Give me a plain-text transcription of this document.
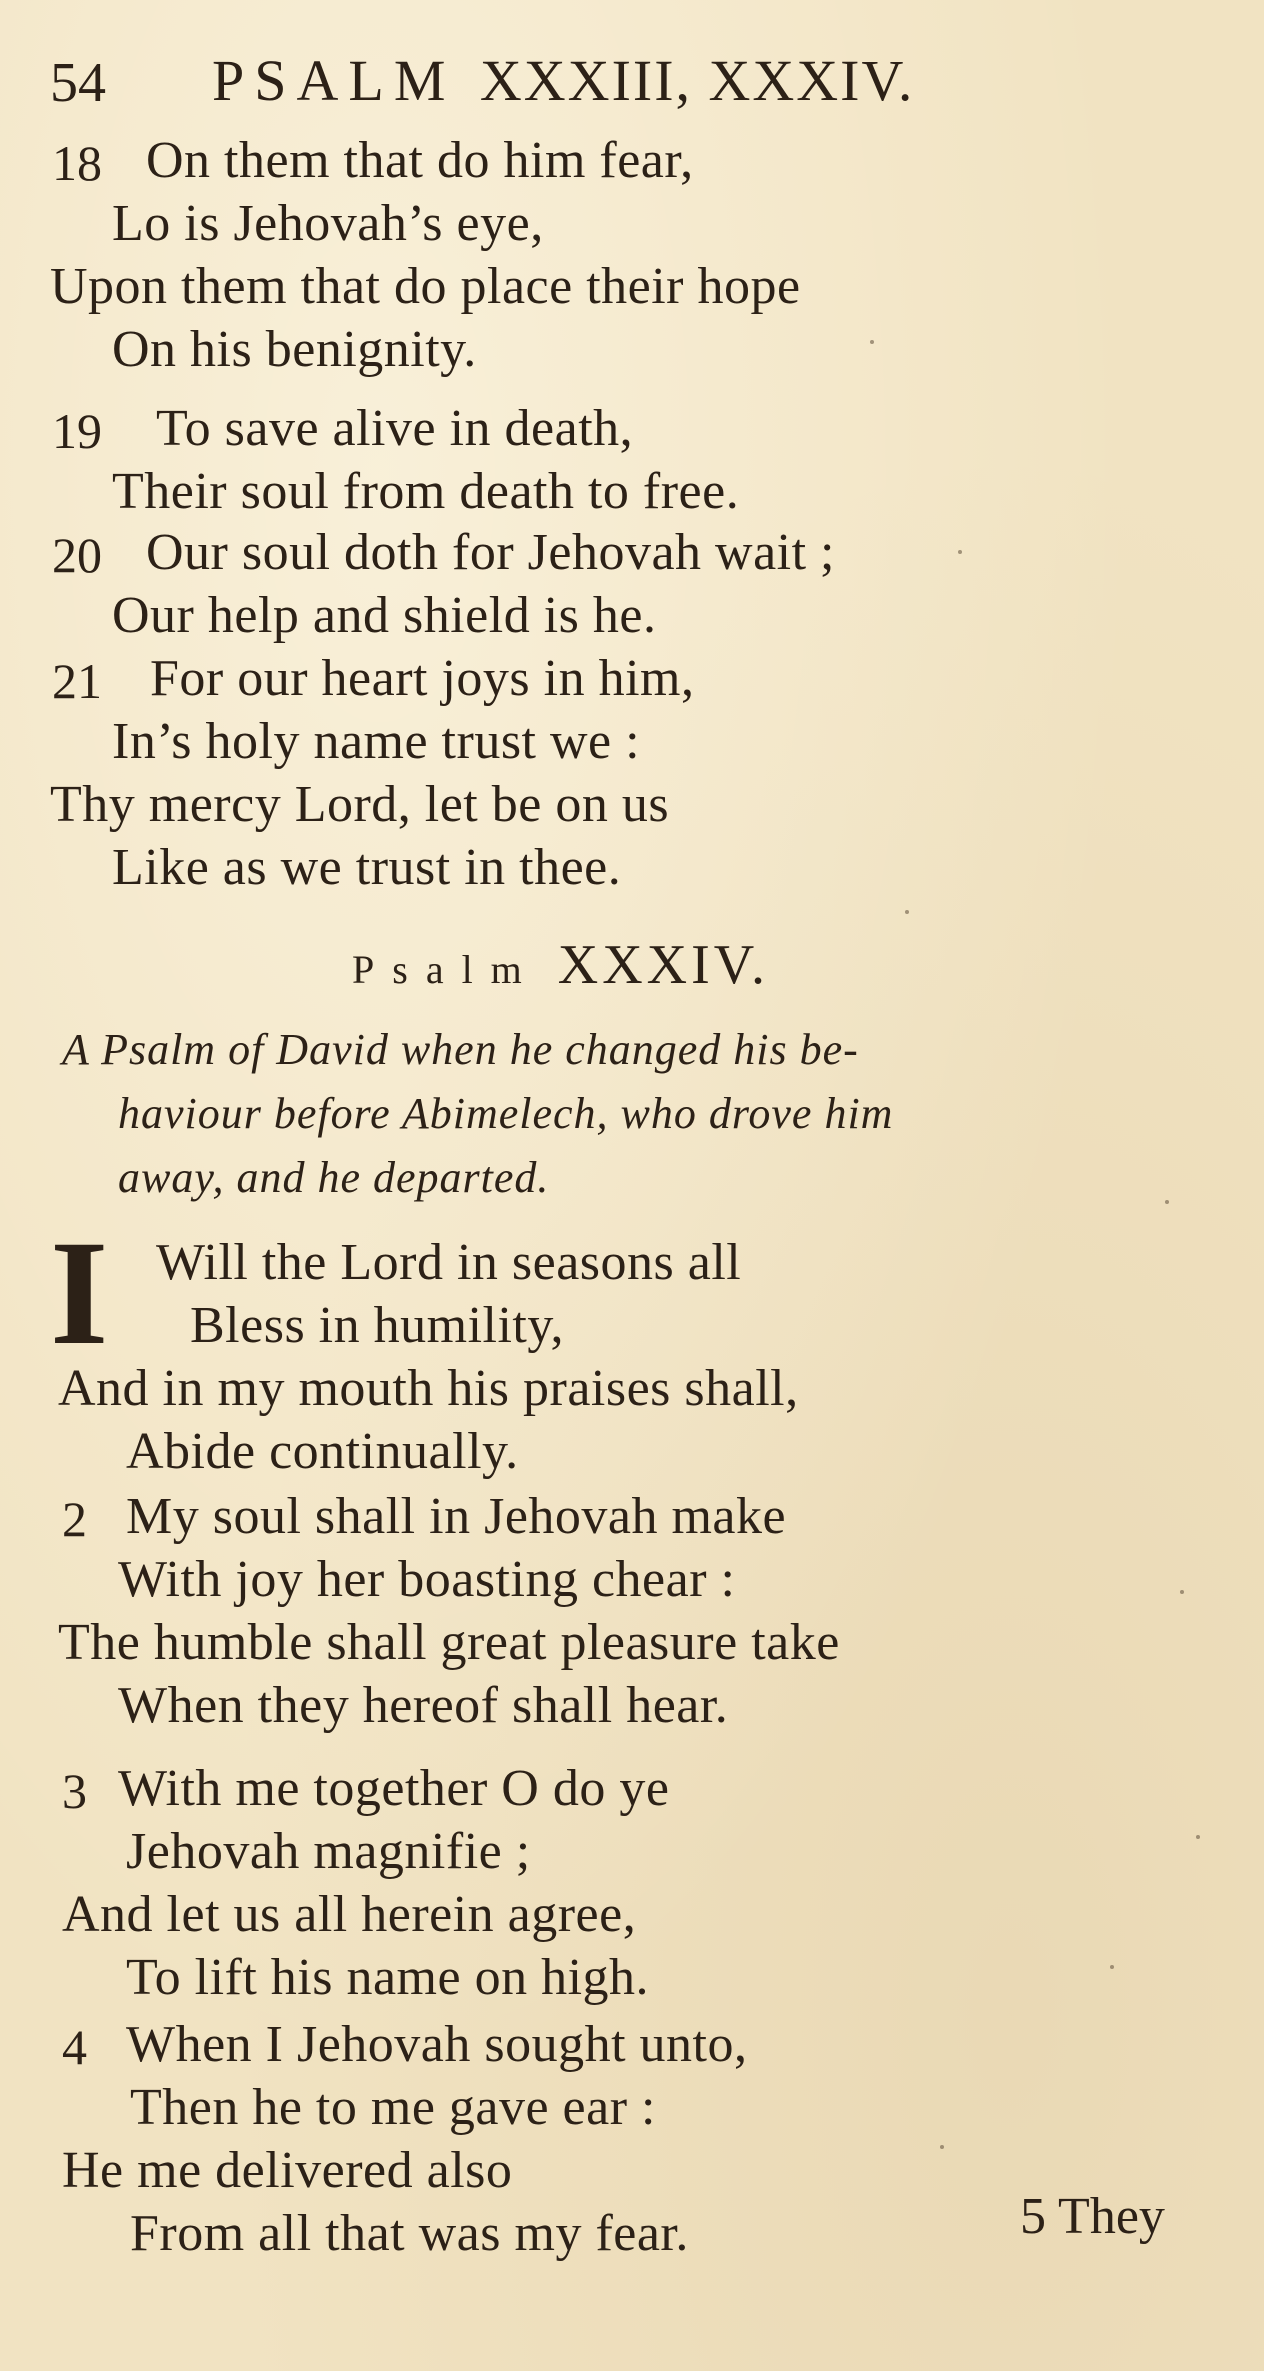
54 PSALM XXXIII, XXXIV.
18 On them that do him fear,
Lo is Jehovah’s eye,
Upon them that do place their hope
On his benignity.
19 To save alive in death,
Their soul from death to free.
20 Our soul doth for Jehovah wait ;
Our help and shield is he.
21 For our heart joys in him,
In’s holy name trust we :
Thy mercy Lord, let be on us
Like as we trust in thee.
Psalm XXXIV.
A Psalm of David when he changed his be-
haviour before Abimelech, who drove him
away, and he departed.
I Will the Lord in seasons all
Bless in humility,
And in my mouth his praises shall,
Abide continually.
2 My soul shall in Jehovah make
With joy her boasting chear :
The humble shall great pleasure take
When they hereof shall hear.
3 With me together O do ye
Jehovah magnifie ;
And let us all herein agree,
To lift his name on high.
4 When I Jehovah sought unto,
Then he to me gave ear :
He me delivered also
From all that was my fear.	5 They
